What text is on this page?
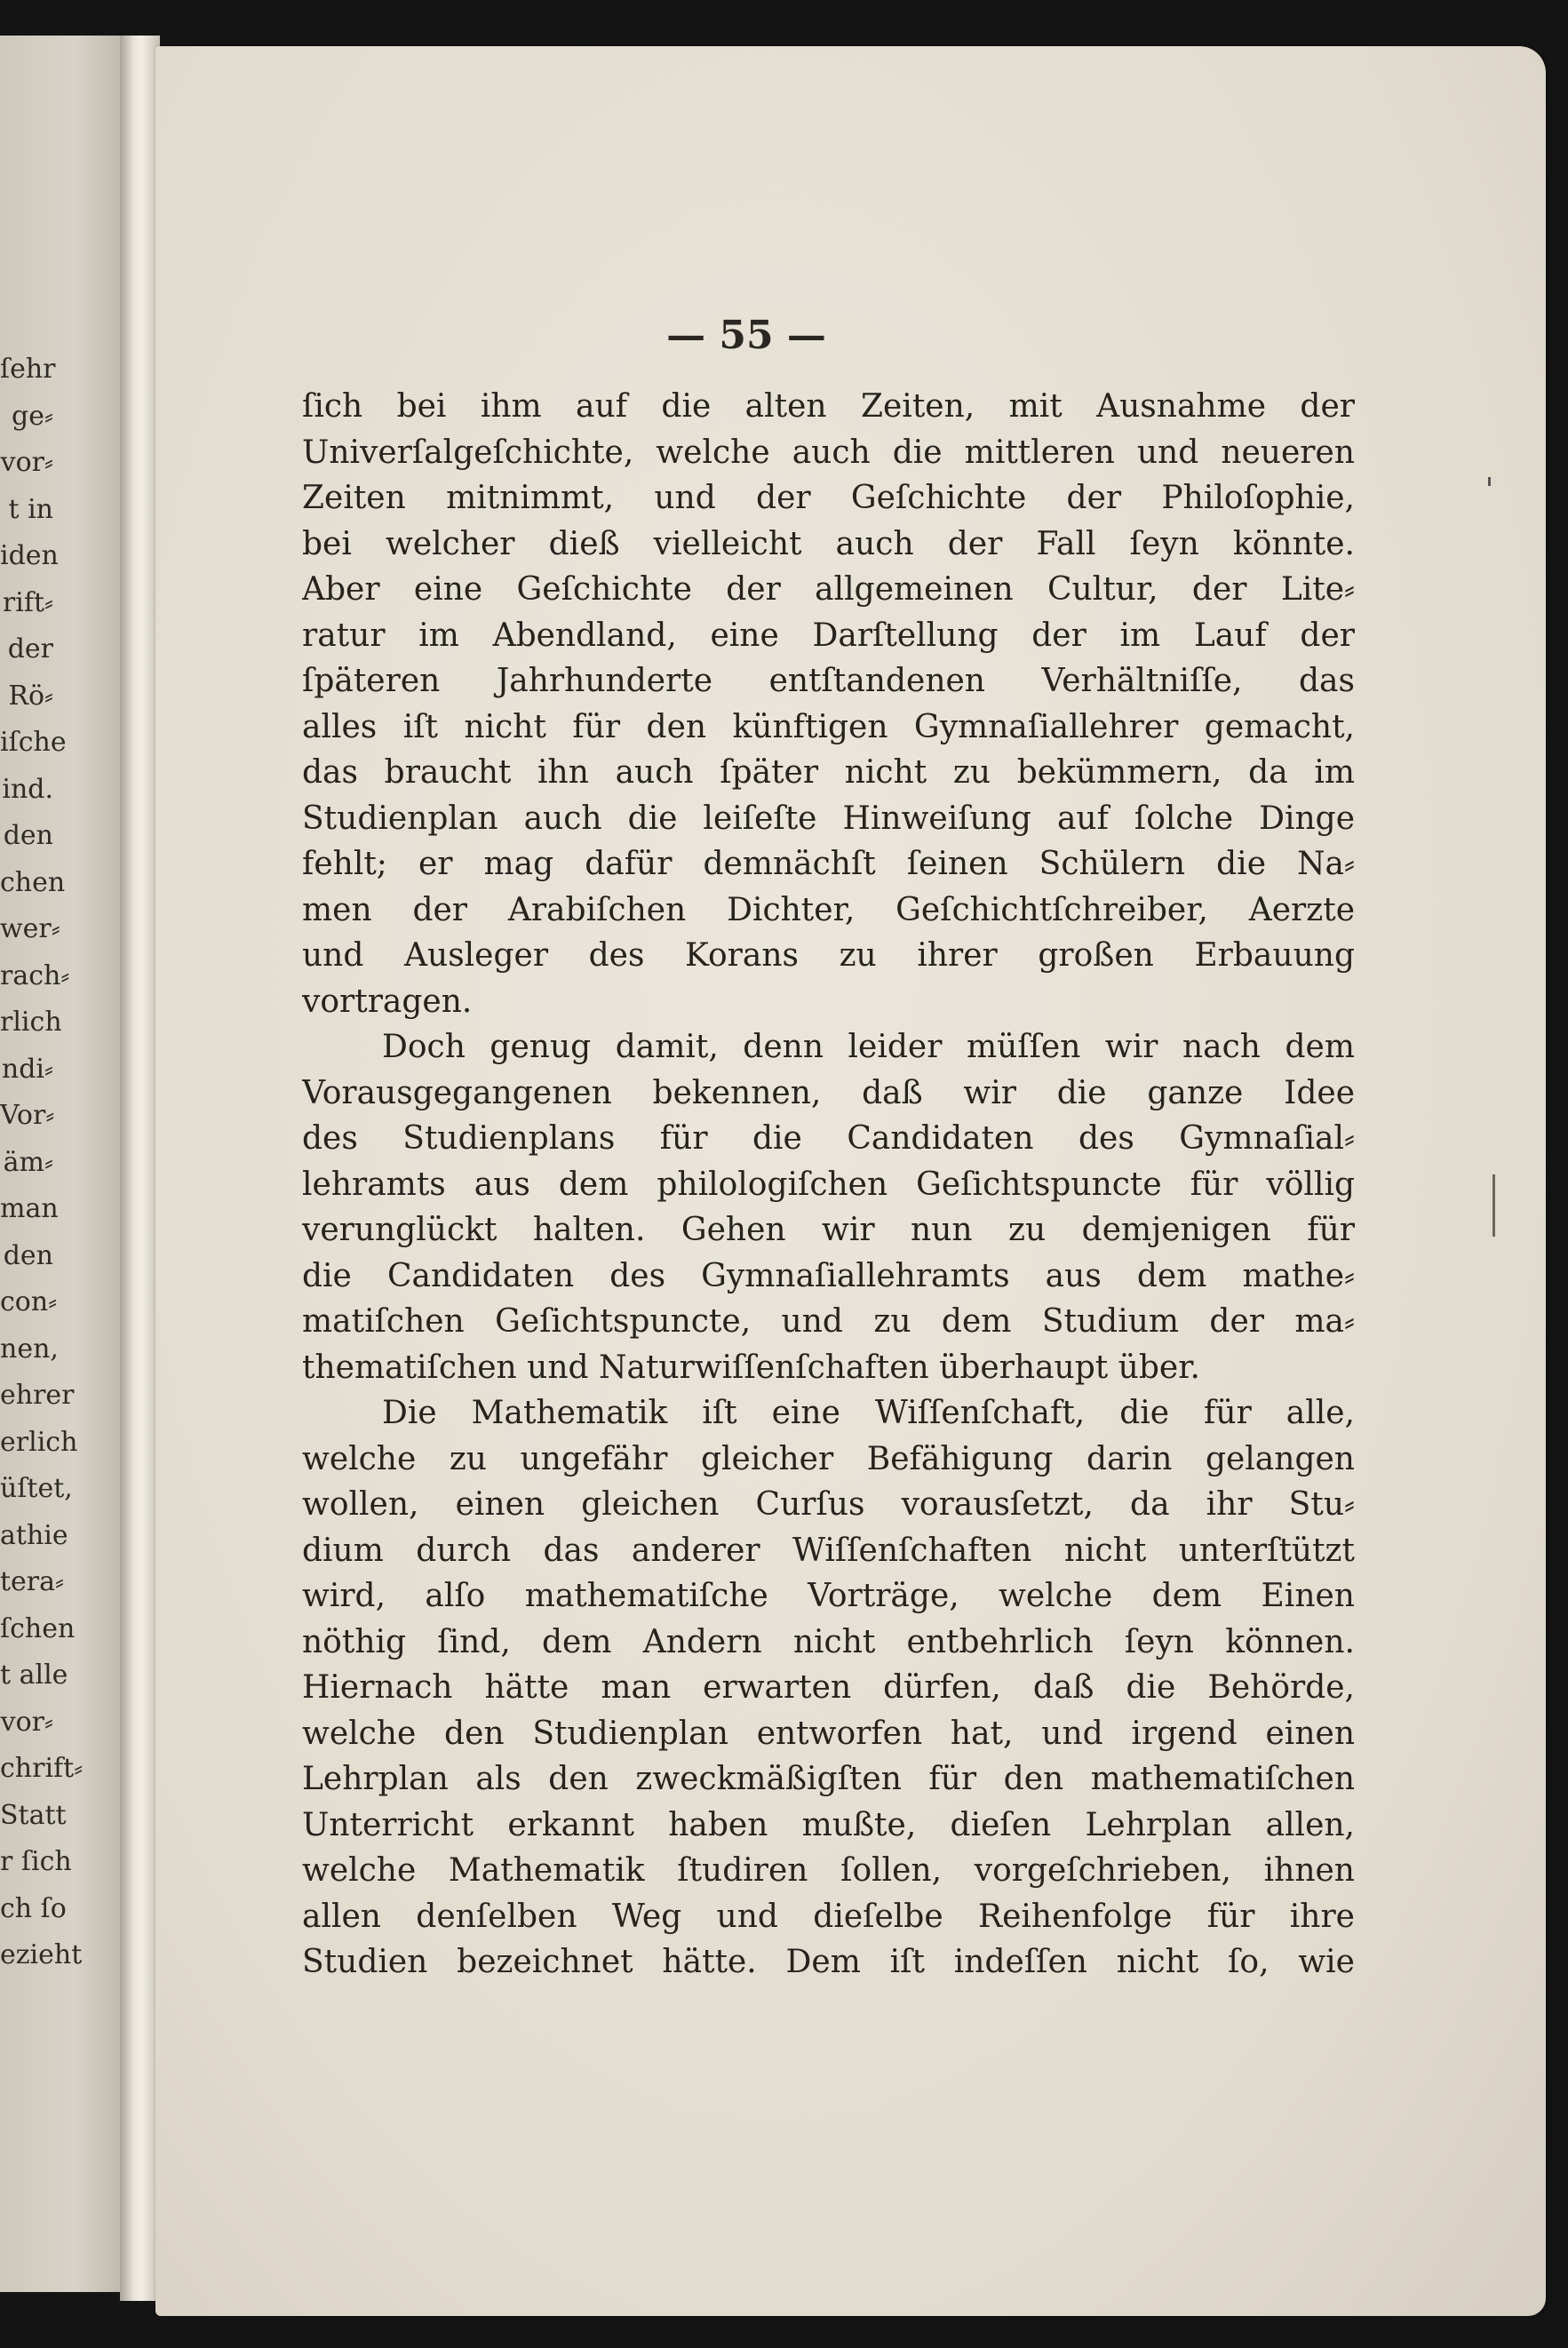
ſehr
ge⸗
vor⸗
t in
iden
rift⸗
der
Rö⸗
iſche
ind.
den
chen
wer⸗
rach⸗
rlich
ndi⸗
Vor⸗
äm⸗
man
den
con⸗
nen,
ehrer
erlich
üſtet,
athie
tera⸗
ſchen
t alle
vor⸗
chrift⸗
Statt
r ſich
ch ſo
ezieht
— 55 —
ſich bei ihm auf die alten Zeiten, mit Ausnahme der
Univerſalgeſchichte, welche auch die mittleren und neueren
Zeiten mitnimmt, und der Geſchichte der Philoſophie,
bei welcher dieß vielleicht auch der Fall ſeyn könnte.
Aber eine Geſchichte der allgemeinen Cultur, der Lite⸗
ratur im Abendland, eine Darſtellung der im Lauf der
ſpäteren Jahrhunderte entſtandenen Verhältniſſe, das
alles iſt nicht für den künftigen Gymnaſiallehrer gemacht,
das braucht ihn auch ſpäter nicht zu bekümmern, da im
Studienplan auch die leiſeſte Hinweiſung auf ſolche Dinge
fehlt; er mag dafür demnächſt ſeinen Schülern die Na⸗
men der Arabiſchen Dichter, Geſchichtſchreiber, Aerzte
und Ausleger des Korans zu ihrer großen Erbauung
vortragen.
Doch genug damit, denn leider müſſen wir nach dem
Vorausgegangenen bekennen, daß wir die ganze Idee
des Studienplans für die Candidaten des Gymnaſial⸗
lehramts aus dem philologiſchen Geſichtspuncte für völlig
verunglückt halten. Gehen wir nun zu demjenigen für
die Candidaten des Gymnaſiallehramts aus dem mathe⸗
matiſchen Geſichtspuncte, und zu dem Studium der ma⸗
thematiſchen und Naturwiſſenſchaften überhaupt über.
Die Mathematik iſt eine Wiſſenſchaft, die für alle,
welche zu ungefähr gleicher Befähigung darin gelangen
wollen, einen gleichen Curſus vorausſetzt, da ihr Stu⸗
dium durch das anderer Wiſſenſchaften nicht unterſtützt
wird, alſo mathematiſche Vorträge, welche dem Einen
nöthig ſind, dem Andern nicht entbehrlich ſeyn können.
Hiernach hätte man erwarten dürfen, daß die Behörde,
welche den Studienplan entworfen hat, und irgend einen
Lehrplan als den zweckmäßigſten für den mathematiſchen
Unterricht erkannt haben mußte, dieſen Lehrplan allen,
welche Mathematik ſtudiren ſollen, vorgeſchrieben, ihnen
allen denſelben Weg und dieſelbe Reihenfolge für ihre
Studien bezeichnet hätte. Dem iſt indeſſen nicht ſo, wie
